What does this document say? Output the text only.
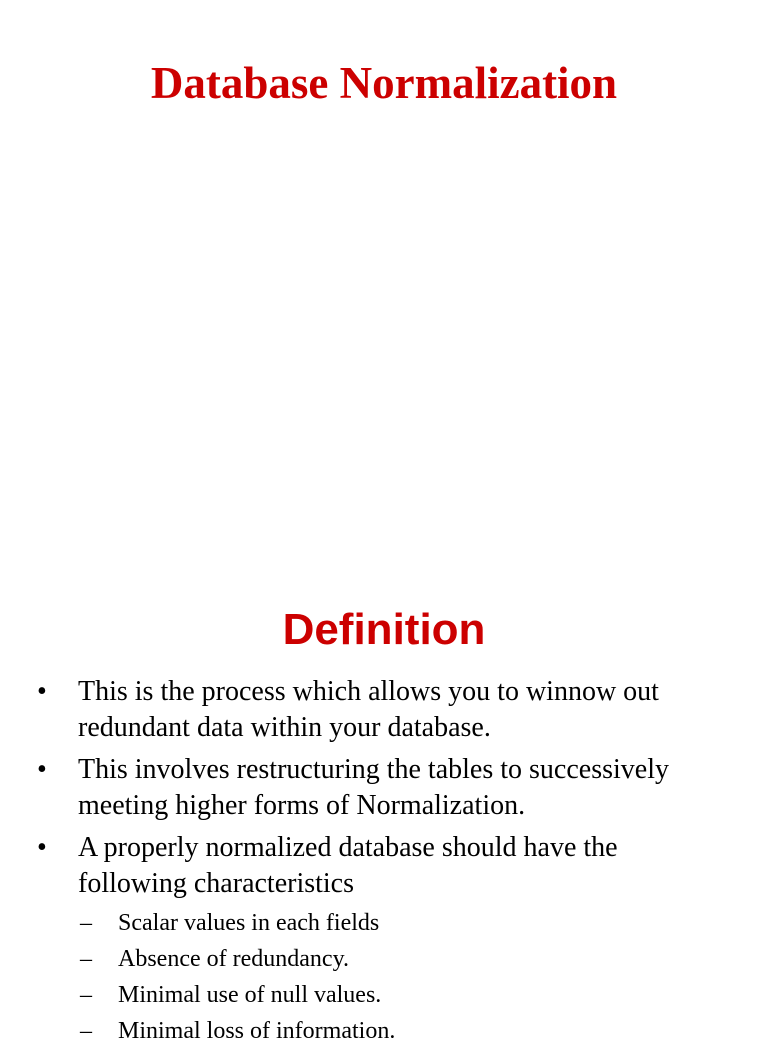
Database Normalization
Definition
• This is the process which allows you to winnow out redundant data within your database.
• This involves restructuring the tables to successively meeting higher forms of Normalization.
• A properly normalized database should have the following characteristics
– Scalar values in each fields
– Absence of redundancy.
– Minimal use of null values.
– Minimal loss of information.
